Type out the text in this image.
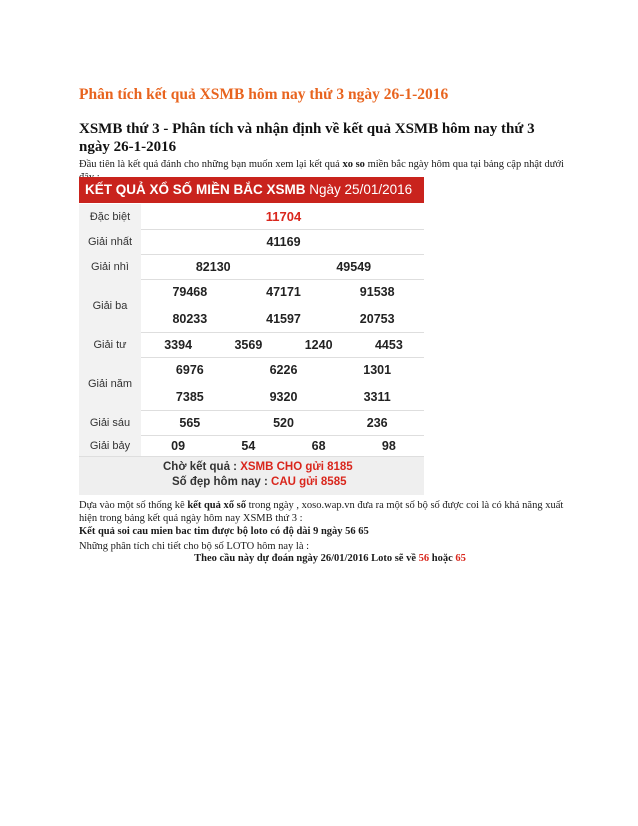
Phân tích kết quả XSMB hôm nay thứ 3 ngày 26-1-2016
XSMB thứ 3 - Phân tích và nhận định về kết quả XSMB hôm nay thứ 3 ngày 26-1-2016
Đầu tiên là kết quả đánh cho những bạn muốn xem lại kết quả xo so miền bắc ngày hôm qua tại bảng cập nhật dưới
KẾT QUẢ XỔ SỐ MIỀN BẮC XSMB Ngày 25/01/2016
Chờ kết quả : XSMB CHO gửi 8185
Số đẹp hôm nay : CAU gửi 8585
Đặc biệt	11704
Giải nhất	41169
Giải nhì	82130	49549
Giải ba
79468	47171	91538
80233	41597	20753
Giải tư	3394	3569	1240	4453
Giải năm
6976	6226	1301
7385	9320	3311
Giải sáu	565	520	236
Giải bảy	09	54	68	98
Dựa vào một số thống kê kết quả xổ số trong ngày , xoso.wap.vn đưa ra một số bộ số được coi là có khả năng xuất hiện trong bảng kết quả ngày hôm nay XSMB thứ 3 :
Kết quả soi cau mien bac tim được bộ loto có độ dài 9 ngày 56 65
Những phân tích chi tiết cho bộ số LOTO hôm nay là :
Theo cầu này dự đoán ngày 26/01/2016 Loto sẽ về 56 hoặc 65
